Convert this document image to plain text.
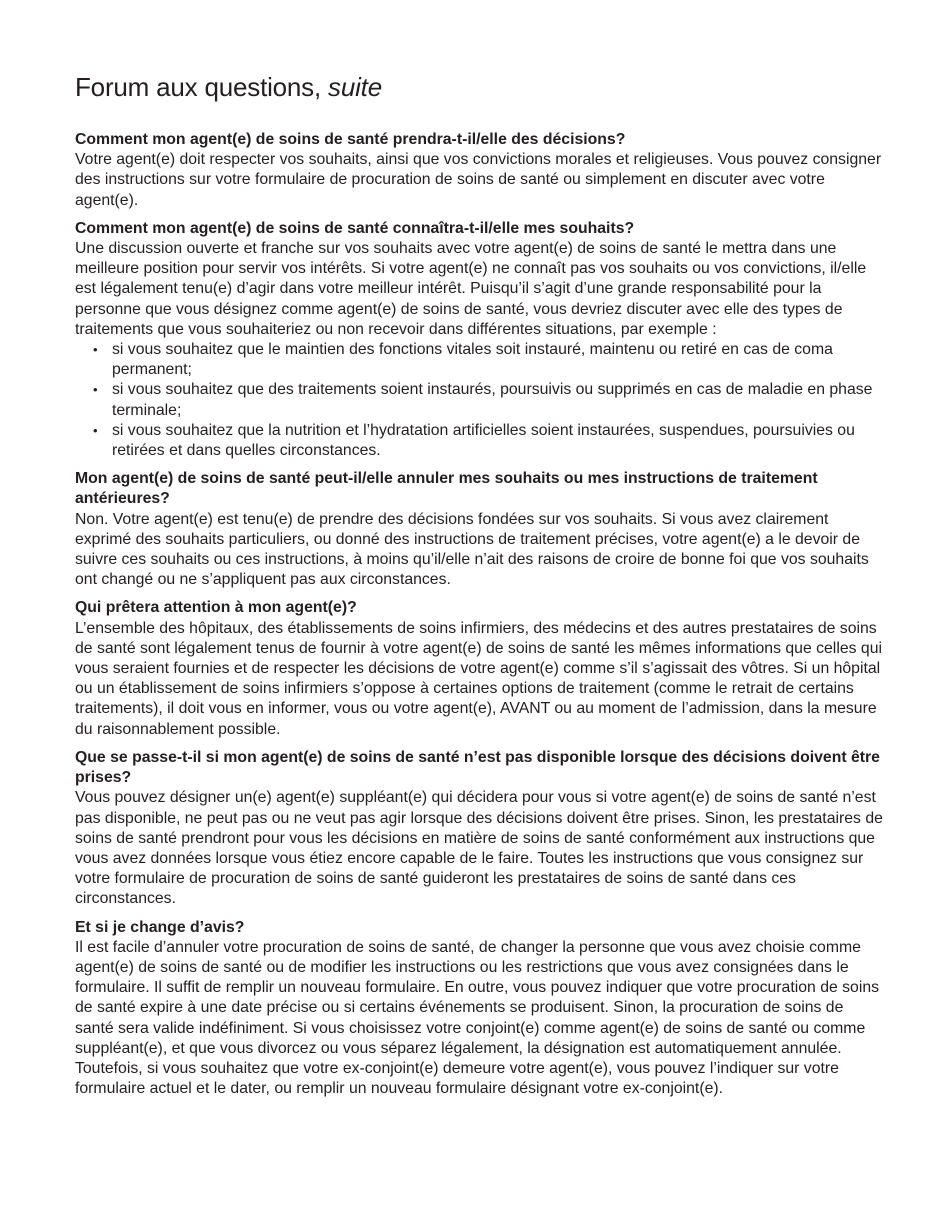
Forum aux questions, suite

Comment mon agent(e) de soins de santé prendra-t-il/elle des décisions?

Votre agent(e) doit respecter vos souhaits, ainsi que vos convictions morales et religieuses. Vous pouvez consigner des instructions sur votre formulaire de procuration de soins de santé ou simplement en discuter avec votre agent(e).

Comment mon agent(e) de soins de santé connaîtra-t-il/elle mes souhaits?

Une discussion ouverte et franche sur vos souhaits avec votre agent(e) de soins de santé le mettra dans une meilleure position pour servir vos intérêts. Si votre agent(e) ne connaît pas vos souhaits ou vos convictions, il/elle est légalement tenu(e) d’agir dans votre meilleur intérêt. Puisqu’il s’agit d’une grande responsabilité pour la personne que vous désignez comme agent(e) de soins de santé, vous devriez discuter avec elle des types de traitements que vous souhaiteriez ou non recevoir dans différentes situations, par exemple :

• si vous souhaitez que le maintien des fonctions vitales soit instauré, maintenu ou retiré en cas de coma permanent;
• si vous souhaitez que des traitements soient instaurés, poursuivis ou supprimés en cas de maladie en phase terminale;
• si vous souhaitez que la nutrition et l’hydratation artificielles soient instaurées, suspendues, poursuivies ou retirées et dans quelles circonstances.

Mon agent(e) de soins de santé peut-il/elle annuler mes souhaits ou mes instructions de traitement antérieures?

Non. Votre agent(e) est tenu(e) de prendre des décisions fondées sur vos souhaits. Si vous avez clairement exprimé des souhaits particuliers, ou donné des instructions de traitement précises, votre agent(e) a le devoir de suivre ces souhaits ou ces instructions, à moins qu’il/elle n’ait des raisons de croire de bonne foi que vos souhaits ont changé ou ne s’appliquent pas aux circonstances.

Qui prêtera attention à mon agent(e)?

L’ensemble des hôpitaux, des établissements de soins infirmiers, des médecins et des autres prestataires de soins de santé sont légalement tenus de fournir à votre agent(e) de soins de santé les mêmes informations que celles qui vous seraient fournies et de respecter les décisions de votre agent(e) comme s’il s’agissait des vôtres. Si un hôpital ou un établissement de soins infirmiers s’oppose à certaines options de traitement (comme le retrait de certains traitements), il doit vous en informer, vous ou votre agent(e), AVANT ou au moment de l’admission, dans la mesure du raisonnablement possible.

Que se passe-t-il si mon agent(e) de soins de santé n’est pas disponible lorsque des décisions doivent être prises?

Vous pouvez désigner un(e) agent(e) suppléant(e) qui décidera pour vous si votre agent(e) de soins de santé n’est pas disponible, ne peut pas ou ne veut pas agir lorsque des décisions doivent être prises. Sinon, les prestataires de soins de santé prendront pour vous les décisions en matière de soins de santé conformément aux instructions que vous avez données lorsque vous étiez encore capable de le faire. Toutes les instructions que vous consignez sur votre formulaire de procuration de soins de santé guideront les prestataires de soins de santé dans ces circonstances.

Et si je change d’avis?

Il est facile d’annuler votre procuration de soins de santé, de changer la personne que vous avez choisie comme agent(e) de soins de santé ou de modifier les instructions ou les restrictions que vous avez consignées dans le formulaire. Il suffit de remplir un nouveau formulaire. En outre, vous pouvez indiquer que votre procuration de soins de santé expire à une date précise ou si certains événements se produisent. Sinon, la procuration de soins de santé sera valide indéfiniment. Si vous choisissez votre conjoint(e) comme agent(e) de soins de santé ou comme suppléant(e), et que vous divorcez ou vous séparez légalement, la désignation est automatiquement annulée. Toutefois, si vous souhaitez que votre ex-conjoint(e) demeure votre agent(e), vous pouvez l’indiquer sur votre formulaire actuel et le dater, ou remplir un nouveau formulaire désignant votre ex-conjoint(e).
